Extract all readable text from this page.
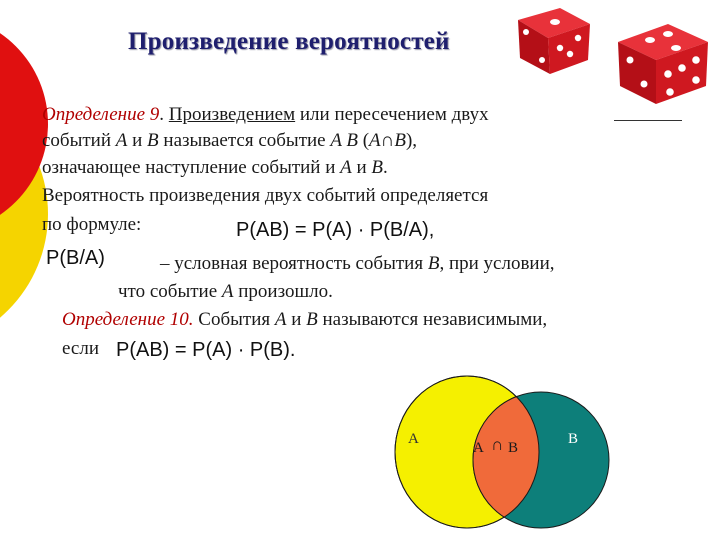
Произведение вероятностей
Определение 9. Произведением или пересечением двух
событий A и B называется событие A B (A∩B),
означающее наступление событий и A и B.
Вероятность произведения двух событий определяется
по формуле:	P(AB) = P(A) · P(B/A),
P(B/A)	– условная вероятность события B, при условии,
что событие A произошло.
Определение 10. События A и B называются независимыми,
если P(AB) = P(A) · P(B).
A	B
A ∩ B
